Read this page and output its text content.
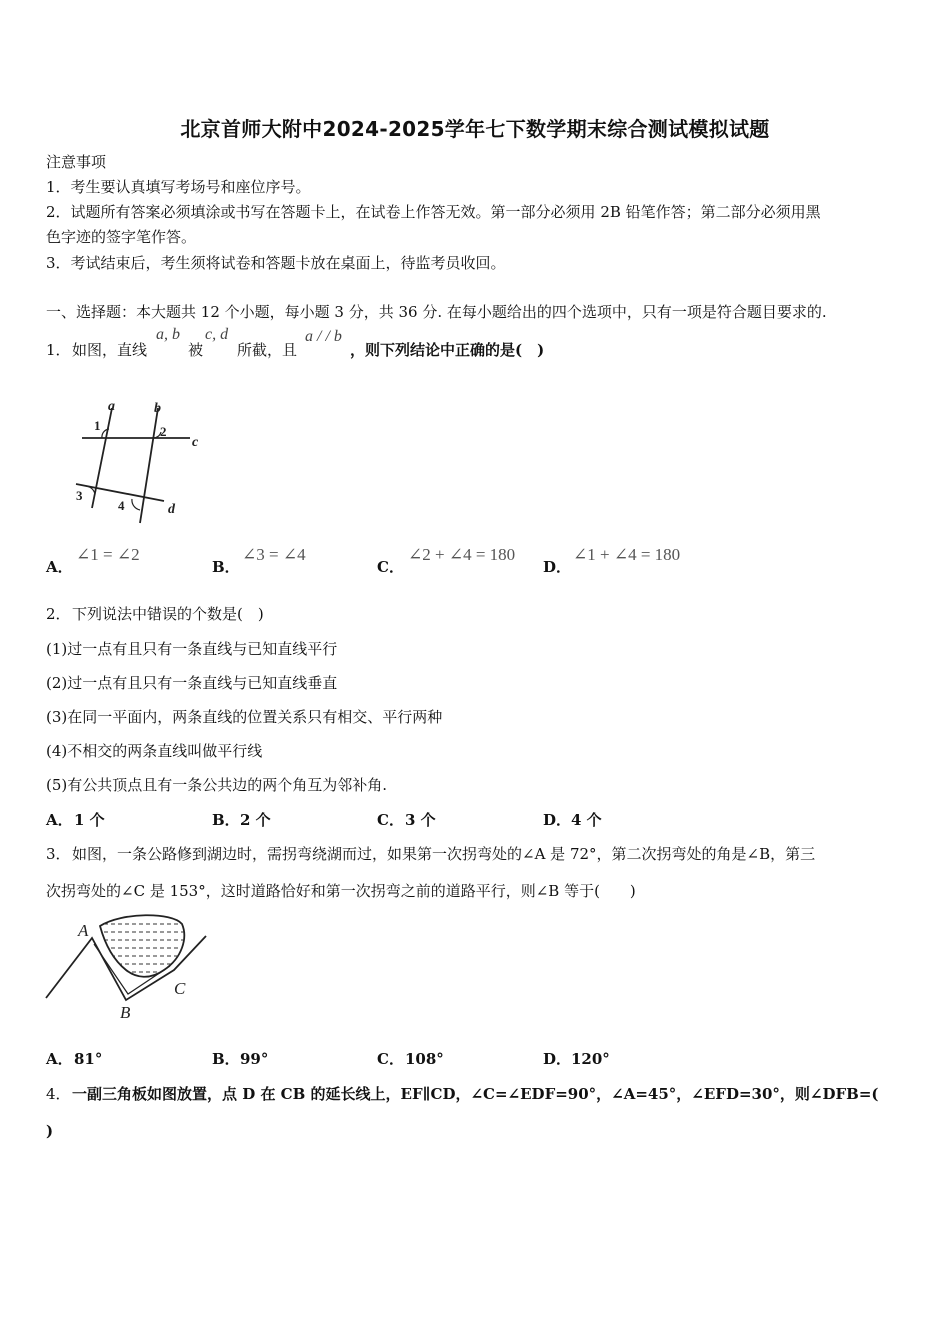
北京首师大附中2024-2025学年七下数学期末综合测试模拟试题
注意事项
1．考生要认真填写考场号和座位序号。
2．试题所有答案必须填涂或书写在答题卡上，在试卷上作答无效。第一部分必须用 2B 铅笔作答；第二部分必须用黑
色字迹的签字笔作答。
3．考试结束后，考生须将试卷和答题卡放在桌面上，待监考员收回。
一、选择题：本大题共 12 个小题，每小题 3 分，共 36 分. 在每小题给出的四个选项中，只有一项是符合题目要求的.
1． 如图，直线
a, b
被
c, d
所截，且
a / / b
，则下列结论中正确的是(　)
a	b
c
d
1	2
3
4
A．
∠1 = ∠2
B．
∠3 = ∠4
C．
∠2 + ∠4 = 180
D．
∠1 + ∠4 = 180
2． 下列说法中错误的个数是(　)
(1)过一点有且只有一条直线与已知直线平行
(2)过一点有且只有一条直线与已知直线垂直
(3)在同一平面内，两条直线的位置关系只有相交、平行两种
(4)不相交的两条直线叫做平行线
(5)有公共顶点且有一条公共边的两个角互为邻补角.
A． 1 个	B． 2 个	C． 3 个	D． 4 个
3． 如图，一条公路修到湖边时，需拐弯绕湖而过，如果第一次拐弯处的∠A 是 72°，第二次拐弯处的角是∠B，第三
次拐弯处的∠C 是 153°，这时道路恰好和第一次拐弯之前的道路平行，则∠B 等于(　　)
A
B
C
A． 81°	B． 99°	C． 108°	D． 120°
4． 一副三角板如图放置，点 D 在 CB 的延长线上，EF∥CD，∠C=∠EDF=90°，∠A=45°，∠EFD=30°，则∠DFB=(
)
